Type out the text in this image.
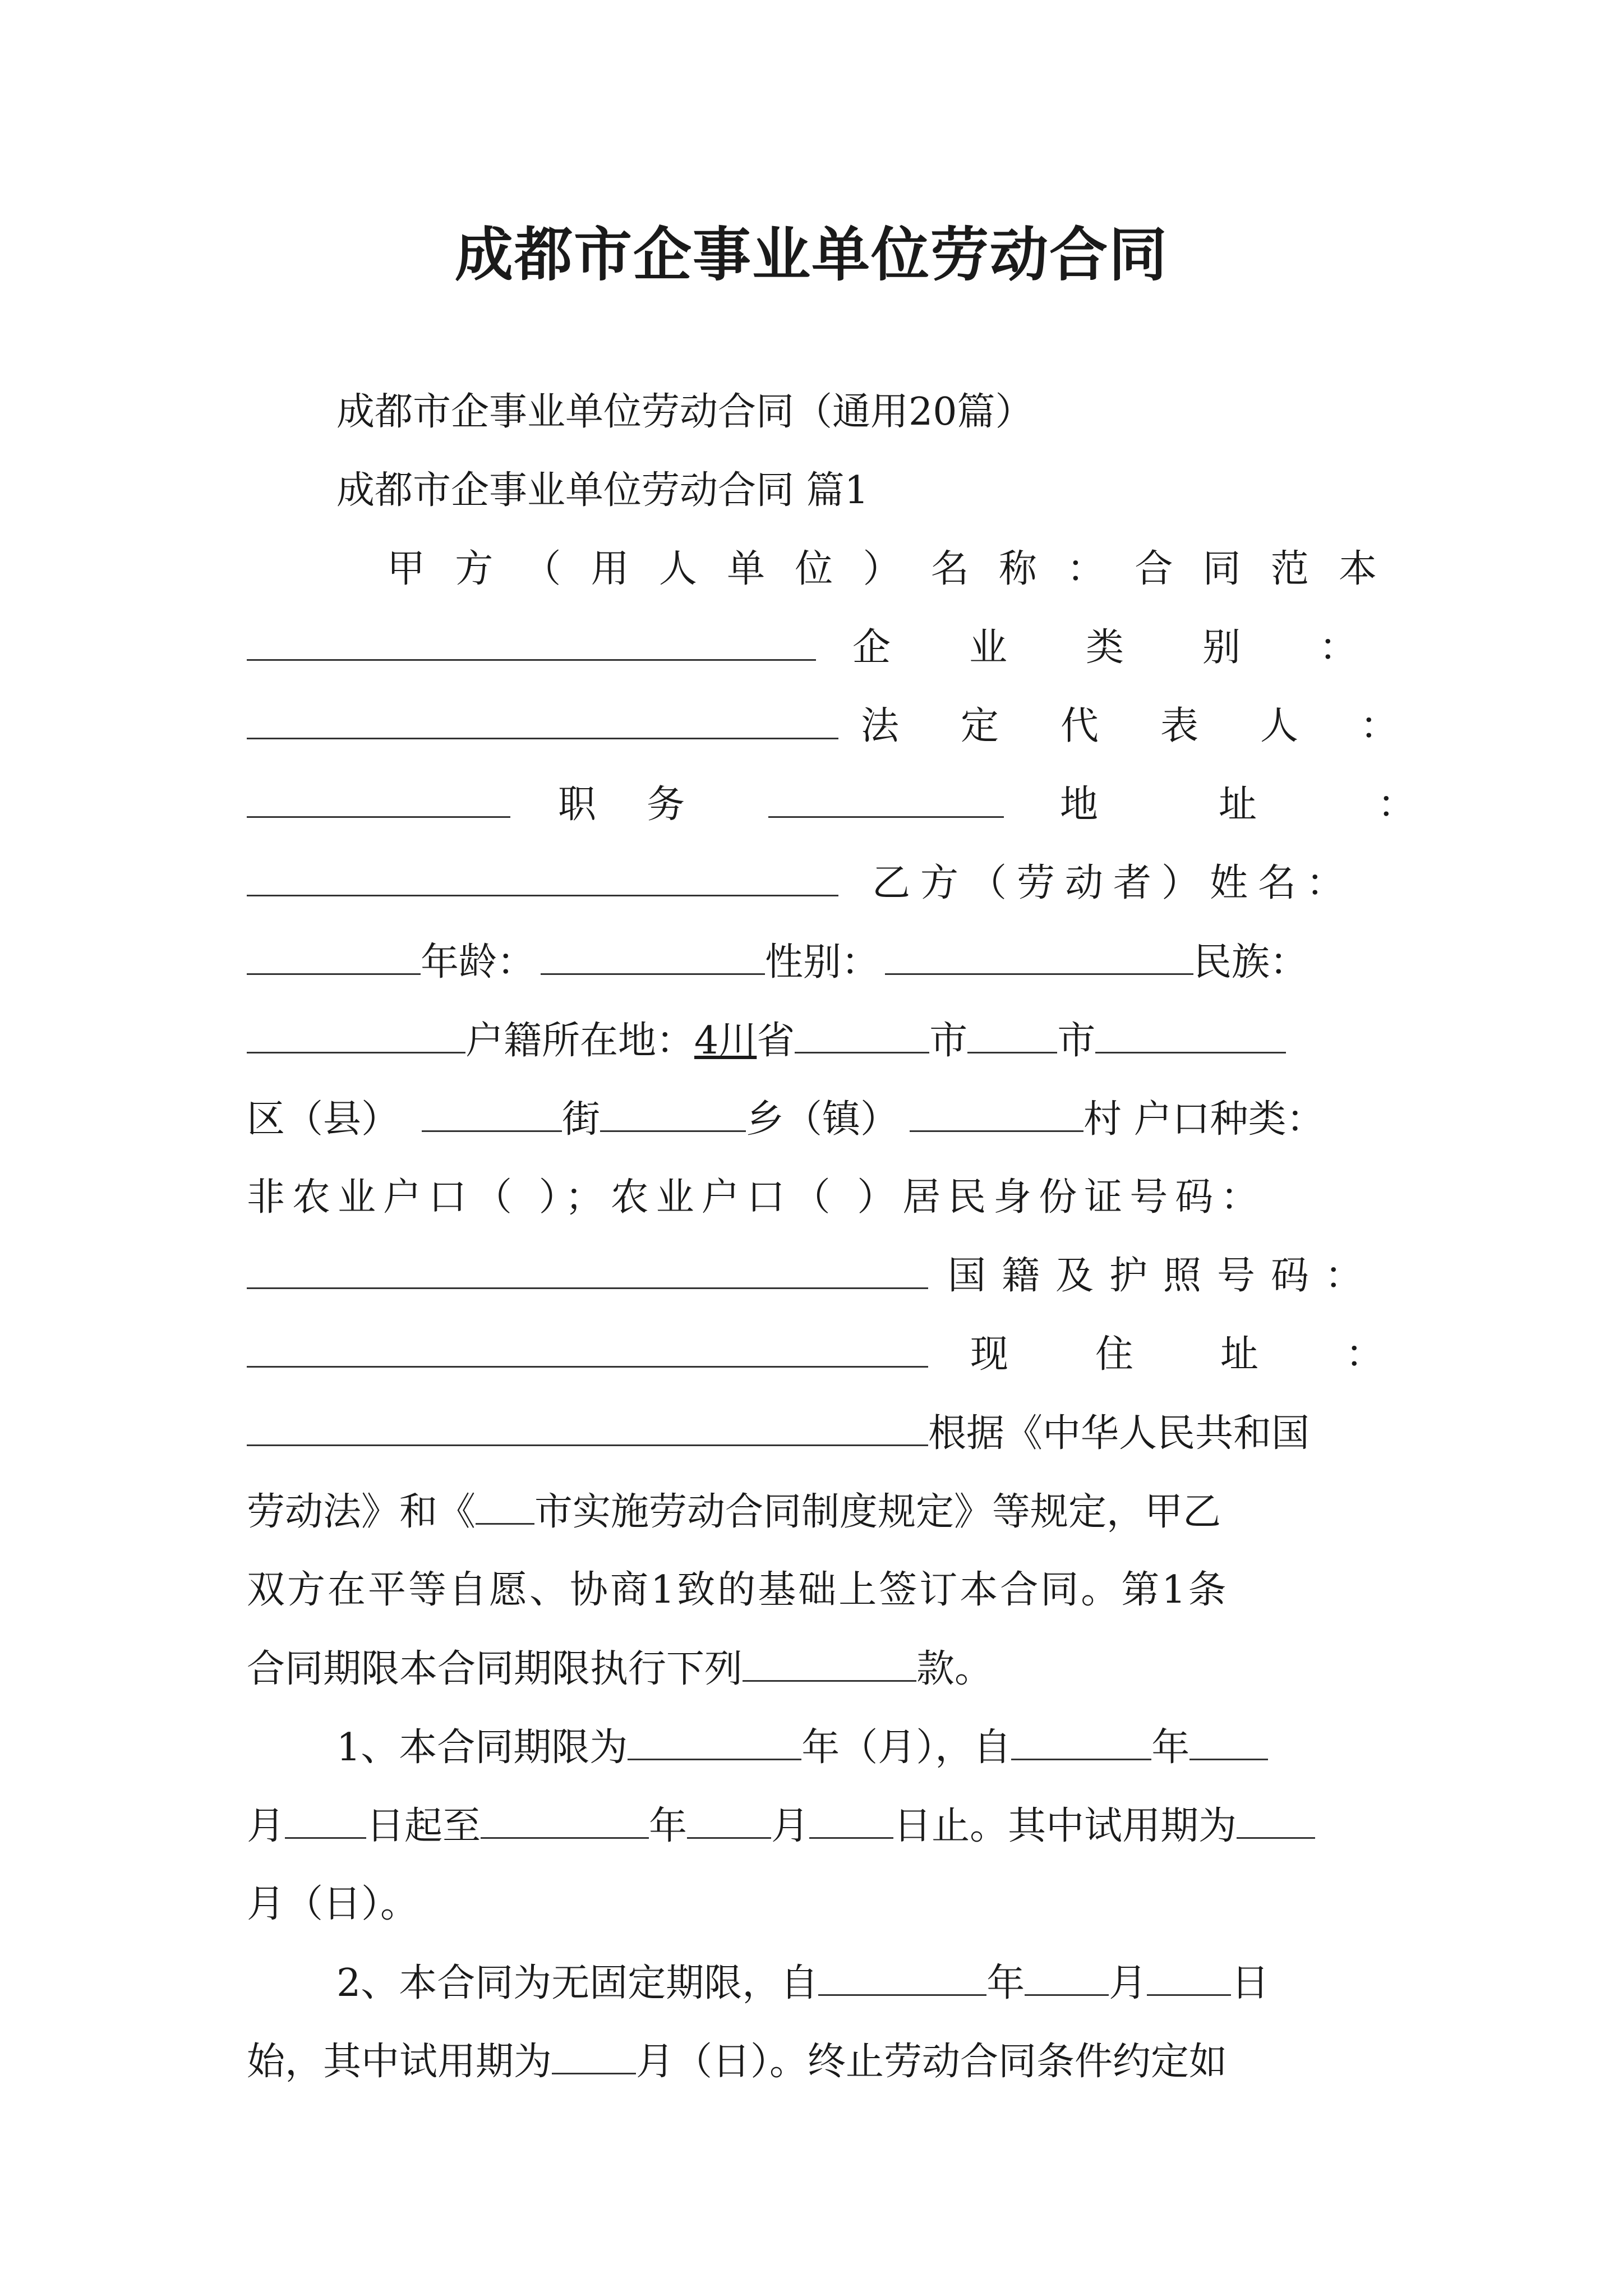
成都市企事业单位劳动合同
成都市企事业单位劳动合同（通用20篇）
成都市企事业单位劳动合同 篇1
甲方（用人单位）名称：合同范本
企业类别：
法定代表人：
职务	地址：
乙方（劳动者）姓名：
年龄：	性别：	民族：
户籍所在地：4川省	市 市
区（县）	街	乡（镇）	村 户口种类：
非农业户口（ ）；农业户口（ ）居民身份证号码：
国籍及护照号码：
现住址：
根据《中华人民共和国
劳动法》和《 市实施劳动合同制度规定》等规定，甲乙
双方在平等自愿、协商1致的基础上签订本合同。第1条
合同期限本合同期限执行下列	款。
1、本合同期限为	年（月），自	年
月 日起至	年 月 日止。其中试用期为
月（日）。
2、本合同为无固定期限，自	年 月 日
始，其中试用期为 月（日）。终止劳动合同条件约定如
